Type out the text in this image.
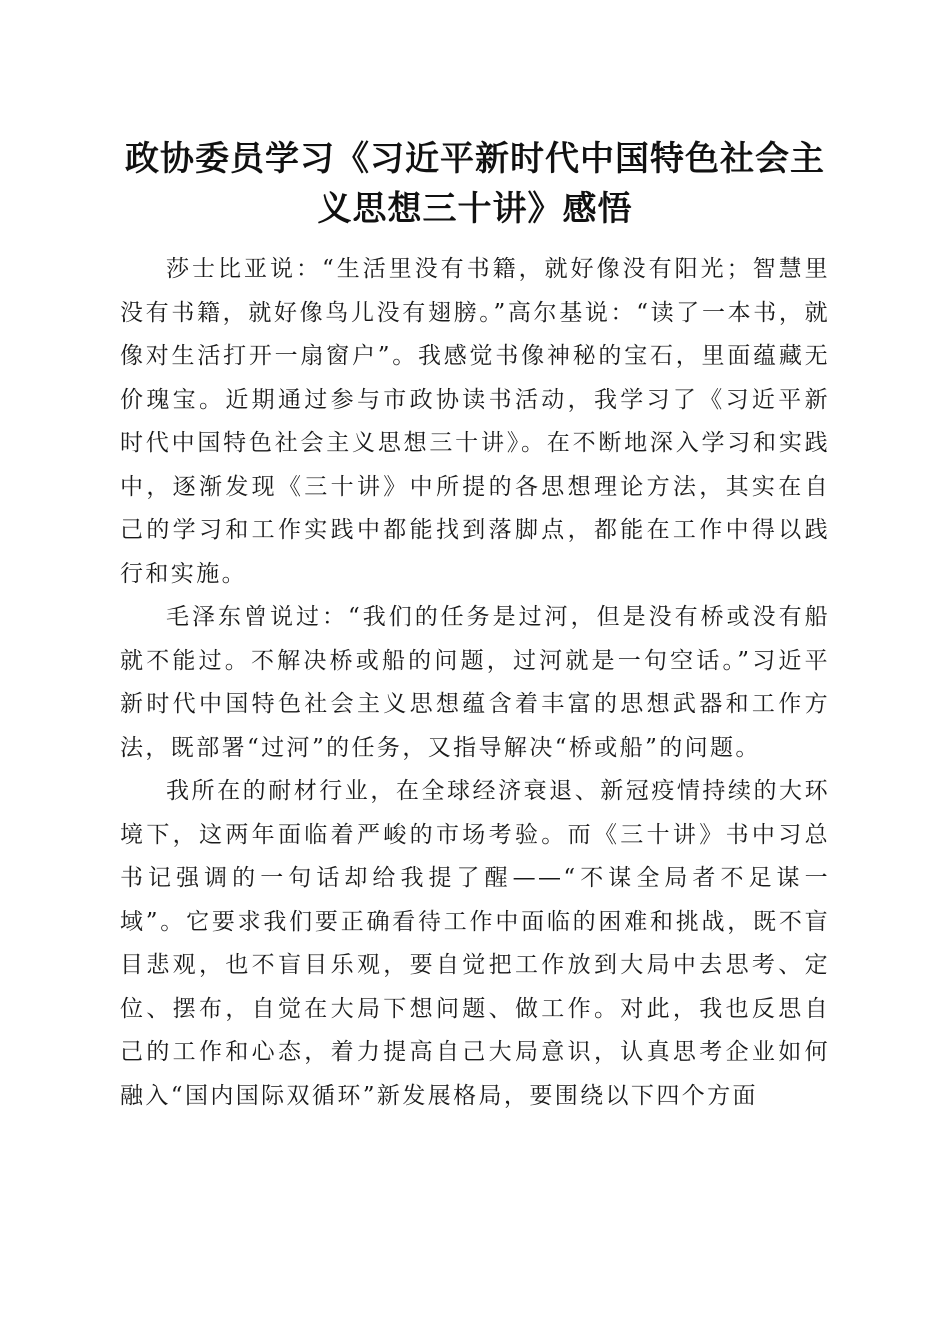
政协委员学习《习近平新时代中国特色社会主
义思想三十讲》感悟

莎士比亚说：“生活里没有书籍，就好像没有阳光；智慧里没有书籍，就好像鸟儿没有翅膀。”高尔基说：“读了一本书，就像对生活打开一扇窗户”。我感觉书像神秘的宝石，里面蕴藏无价瑰宝。近期通过参与市政协读书活动，我学习了《习近平新时代中国特色社会主义思想三十讲》。在不断地深入学习和实践中，逐渐发现《三十讲》中所提的各思想理论方法，其实在自己的学习和工作实践中都能找到落脚点，都能在工作中得以践行和实施。

毛泽东曾说过：“我们的任务是过河，但是没有桥或没有船就不能过。不解决桥或船的问题，过河就是一句空话。”习近平新时代中国特色社会主义思想蕴含着丰富的思想武器和工作方法，既部署“过河”的任务，又指导解决“桥或船”的问题。

我所在的耐材行业，在全球经济衰退、新冠疫情持续的大环境下，这两年面临着严峻的市场考验。而《三十讲》书中习总书记强调的一句话却给我提了醒——“不谋全局者不足谋一域”。它要求我们要正确看待工作中面临的困难和挑战，既不盲目悲观，也不盲目乐观，要自觉把工作放到大局中去思考、定位、摆布，自觉在大局下想问题、做工作。对此，我也反思自己的工作和心态，着力提高自己大局意识，认真思考企业如何融入“国内国际双循环”新发展格局，要围绕以下四个方面
